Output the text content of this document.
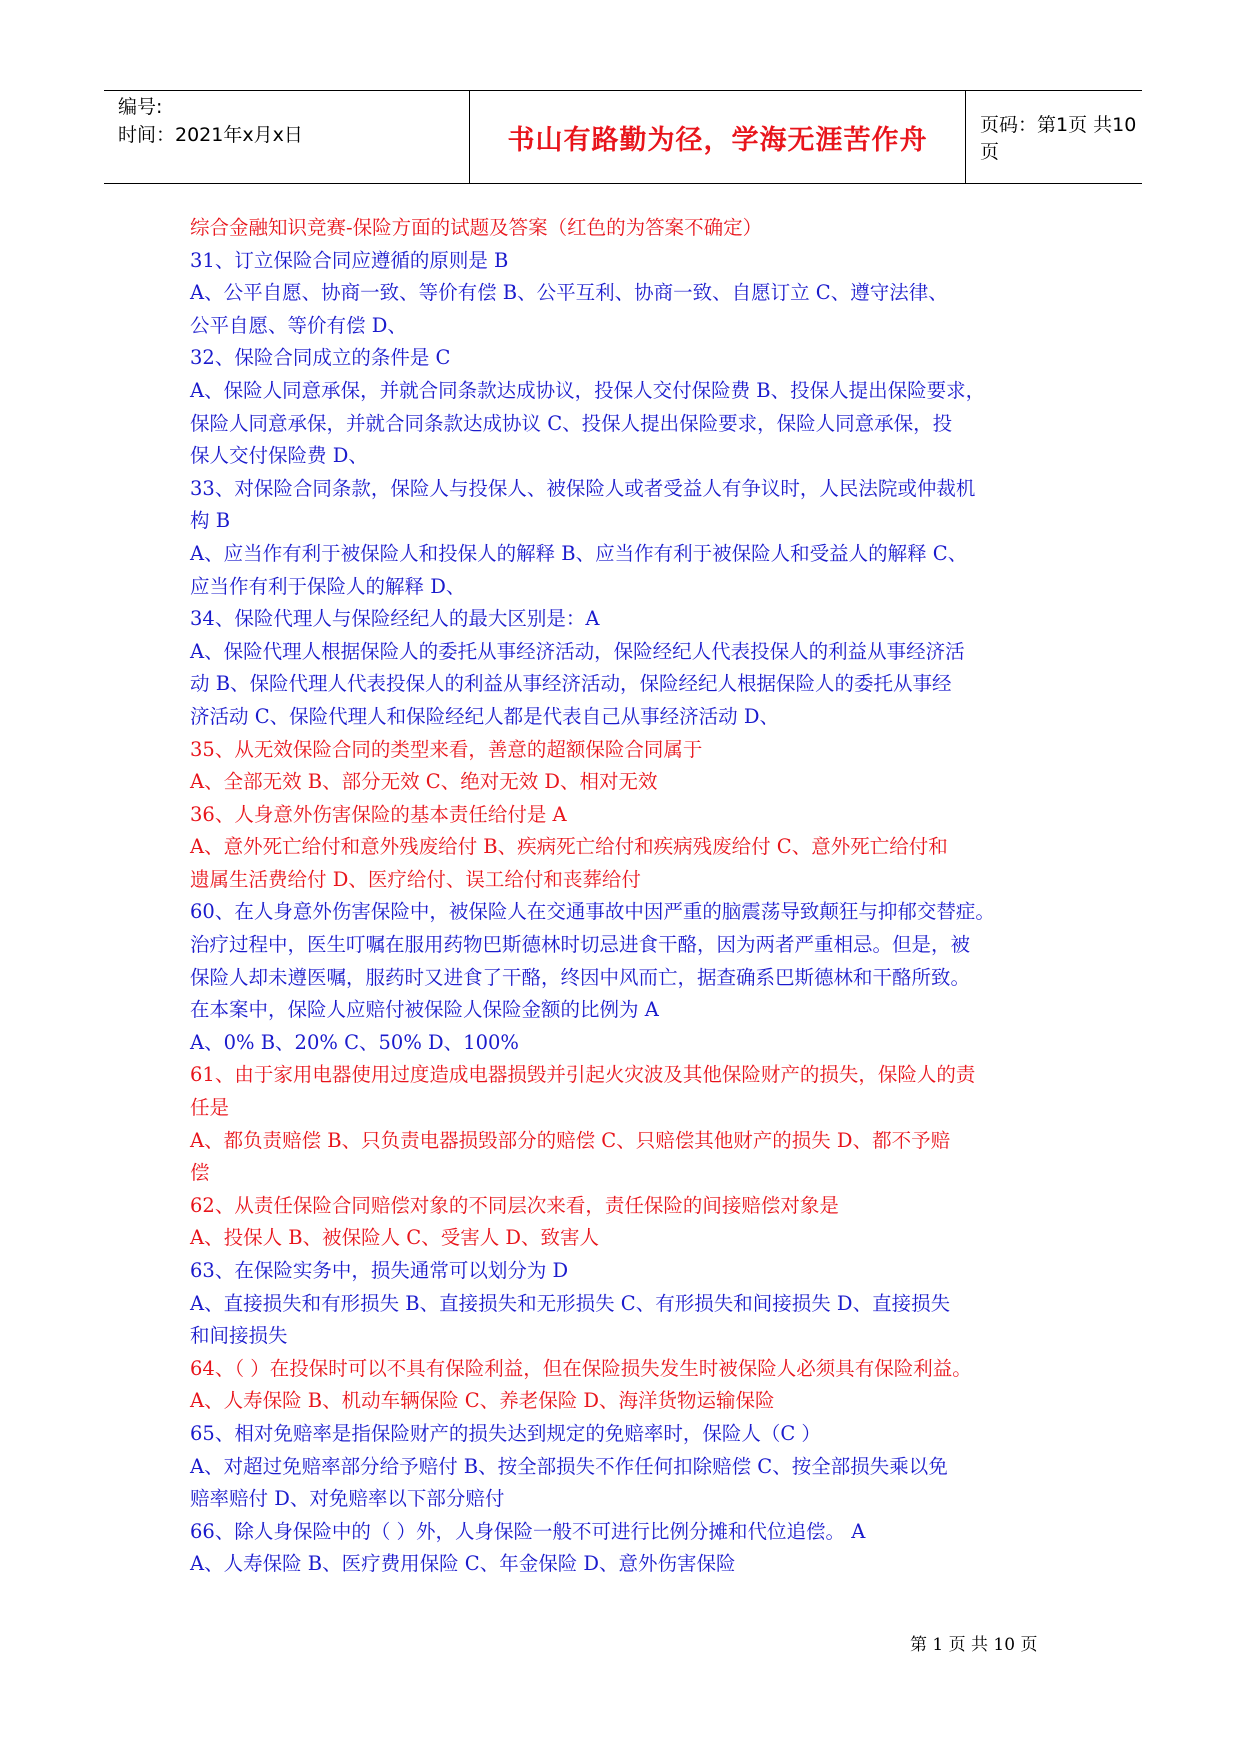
编号:
时间：2021年x月x日	书山有路勤为径，学海无涯苦作舟	页码：第1页 共10页
综合金融知识竞赛-保险方面的试题及答案（红色的为答案不确定）
31、订立保险合同应遵循的原则是 B
A、公平自愿、协商一致、等价有偿 B、公平互利、协商一致、自愿订立 C、遵守法律、
公平自愿、等价有偿 D、
32、保险合同成立的条件是 C
A、保险人同意承保，并就合同条款达成协议，投保人交付保险费 B、投保人提出保险要求，
保险人同意承保，并就合同条款达成协议 C、投保人提出保险要求，保险人同意承保，投
保人交付保险费 D、
33、对保险合同条款，保险人与投保人、被保险人或者受益人有争议时，人民法院或仲裁机
构 B
A、应当作有利于被保险人和投保人的解释 B、应当作有利于被保险人和受益人的解释 C、
应当作有利于保险人的解释 D、
34、保险代理人与保险经纪人的最大区别是：A
A、保险代理人根据保险人的委托从事经济活动，保险经纪人代表投保人的利益从事经济活
动 B、保险代理人代表投保人的利益从事经济活动，保险经纪人根据保险人的委托从事经
济活动 C、保险代理人和保险经纪人都是代表自己从事经济活动 D、
35、从无效保险合同的类型来看，善意的超额保险合同属于
A、全部无效 B、部分无效 C、绝对无效 D、相对无效
36、人身意外伤害保险的基本责任给付是 A
A、意外死亡给付和意外残废给付 B、疾病死亡给付和疾病残废给付 C、意外死亡给付和
遗属生活费给付 D、医疗给付、误工给付和丧葬给付
60、在人身意外伤害保险中，被保险人在交通事故中因严重的脑震荡导致颠狂与抑郁交替症。
治疗过程中，医生叮嘱在服用药物巴斯德林时切忌进食干酪，因为两者严重相忌。但是，被
保险人却未遵医嘱，服药时又进食了干酪，终因中风而亡，据查确系巴斯德林和干酪所致。
在本案中，保险人应赔付被保险人保险金额的比例为 A
A、0% B、20% C、50% D、100%
61、由于家用电器使用过度造成电器损毁并引起火灾波及其他保险财产的损失，保险人的责
任是
A、都负责赔偿 B、只负责电器损毁部分的赔偿 C、只赔偿其他财产的损失 D、都不予赔
偿
62、从责任保险合同赔偿对象的不同层次来看，责任保险的间接赔偿对象是
A、投保人 B、被保险人 C、受害人 D、致害人
63、在保险实务中，损失通常可以划分为 D
A、直接损失和有形损失 B、直接损失和无形损失 C、有形损失和间接损失 D、直接损失
和间接损失
64、（ ）在投保时可以不具有保险利益，但在保险损失发生时被保险人必须具有保险利益。
A、人寿保险 B、机动车辆保险 C、养老保险 D、海洋货物运输保险
65、相对免赔率是指保险财产的损失达到规定的免赔率时，保险人（C ）
A、对超过免赔率部分给予赔付 B、按全部损失不作任何扣除赔偿 C、按全部损失乘以免
赔率赔付 D、对免赔率以下部分赔付
66、除人身保险中的（ ）外，人身保险一般不可进行比例分摊和代位追偿。 A
A、人寿保险 B、医疗费用保险 C、年金保险 D、意外伤害保险
第 1 页 共 10 页
